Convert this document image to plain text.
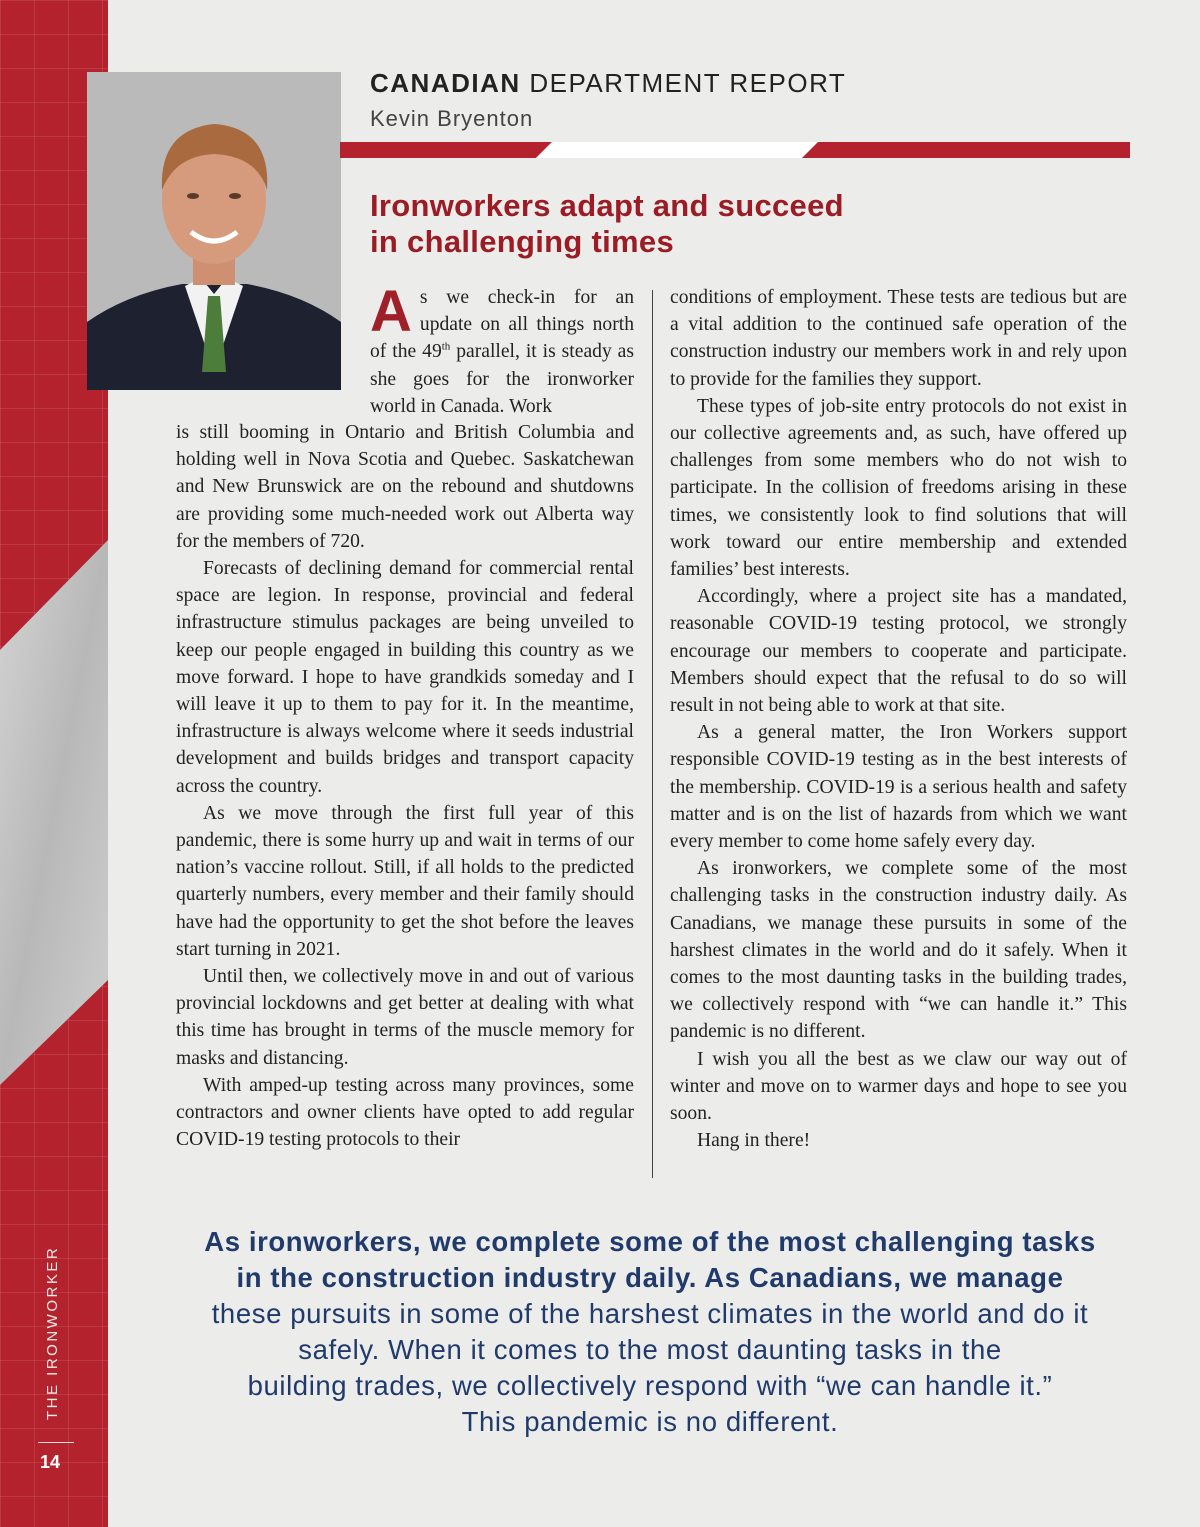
THE IRONWORKER
14
CANADIAN DEPARTMENT REPORT
Kevin Bryenton
Ironworkers adapt and succeed
in challenging times

As we check-in for an update on all things north of the 49th parallel, it is steady as she goes for the ironworker world in Canada. Work

is still booming in Ontario and British Columbia and holding well in Nova Scotia and Quebec. Saskatchewan and New Brunswick are on the rebound and shutdowns are providing some much-needed work out Alberta way for the members of 720.

Forecasts of declining demand for commercial rental space are legion. In response, provincial and federal infrastructure stimulus packages are being unveiled to keep our people engaged in building this country as we move forward. I hope to have grandkids someday and I will leave it up to them to pay for it. In the meantime, infrastructure is always welcome where it seeds industrial development and builds bridges and transport capacity across the country.

As we move through the first full year of this pandemic, there is some hurry up and wait in terms of our nation’s vaccine rollout. Still, if all holds to the predicted quarterly numbers, every member and their family should have had the opportunity to get the shot before the leaves start turning in 2021.

Until then, we collectively move in and out of various provincial lockdowns and get better at dealing with what this time has brought in terms of the muscle memory for masks and distancing.

With amped-up testing across many provinces, some contractors and owner clients have opted to add regular COVID-19 testing protocols to their

conditions of employment. These tests are tedious but are a vital addition to the continued safe operation of the construction industry our members work in and rely upon to provide for the families they support.

These types of job-site entry protocols do not exist in our collective agreements and, as such, have offered up challenges from some members who do not wish to participate. In the collision of freedoms arising in these times, we consistently look to find solutions that will work toward our entire membership and extended families’ best interests.

Accordingly, where a project site has a mandated, reasonable COVID-19 testing protocol, we strongly encourage our members to cooperate and participate. Members should expect that the refusal to do so will result in not being able to work at that site.

As a general matter, the Iron Workers support responsible COVID-19 testing as in the best interests of the membership. COVID-19 is a serious health and safety matter and is on the list of hazards from which we want every member to come home safely every day.

As ironworkers, we complete some of the most challenging tasks in the construction industry daily. As Canadians, we manage these pursuits in some of the harshest climates in the world and do it safely. When it comes to the most daunting tasks in the building trades, we collectively respond with “we can handle it.” This pandemic is no different.

I wish you all the best as we claw our way out of winter and move on to warmer days and hope to see you soon.

Hang in there!

As ironworkers, we complete some of the most challenging tasks
in the construction industry daily. As Canadians, we manage
these pursuits in some of the harshest climates in the world and do it
safely. When it comes to the most daunting tasks in the
building trades, we collectively respond with “we can handle it.”
This pandemic is no different.
